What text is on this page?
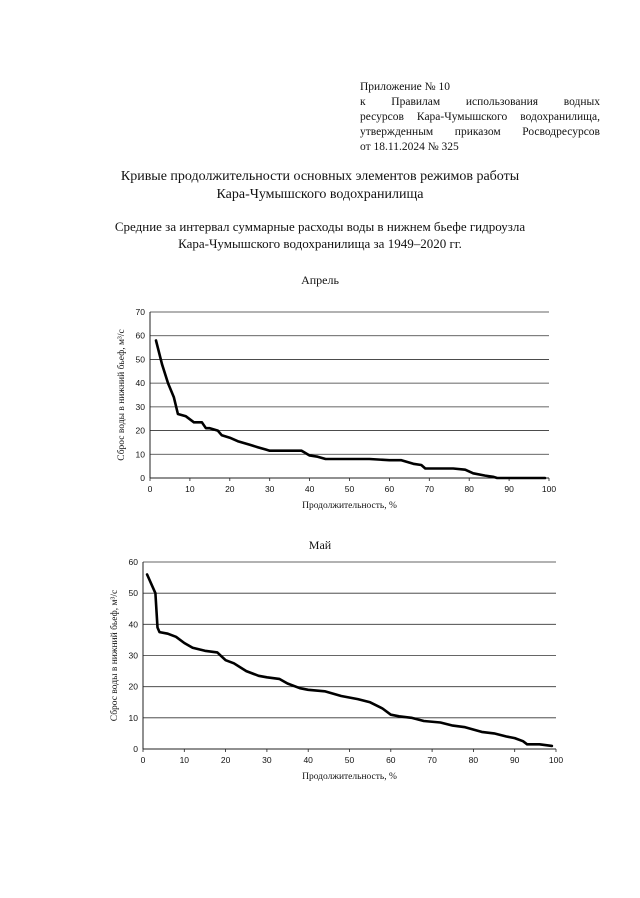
Приложение № 10
к Правилам использования водных
ресурсов Кара-Чумышского водохранилища,
утвержденным приказом Росводресурсов
от 18.11.2024 № 325
Кривые продолжительности основных элементов режимов работы
Кара-Чумышского водохранилища
Средние за интервал суммарные расходы воды в нижнем бьефе гидроузла
Кара-Чумышского водохранилища за 1949–2020 гг.
Апрель
Май
0
10
20
30
40
50
60
70
0	10	20	30	40	50	60	70	80	90	100
Продолжительность, %
Сброс воды в нижний бьеф, м³/с
0
10
20
30
40
50
60
0	10	20	30	40	50	60	70	80	90	100
Продолжительность, %
Сброс воды в нижний бьеф, м³/с
